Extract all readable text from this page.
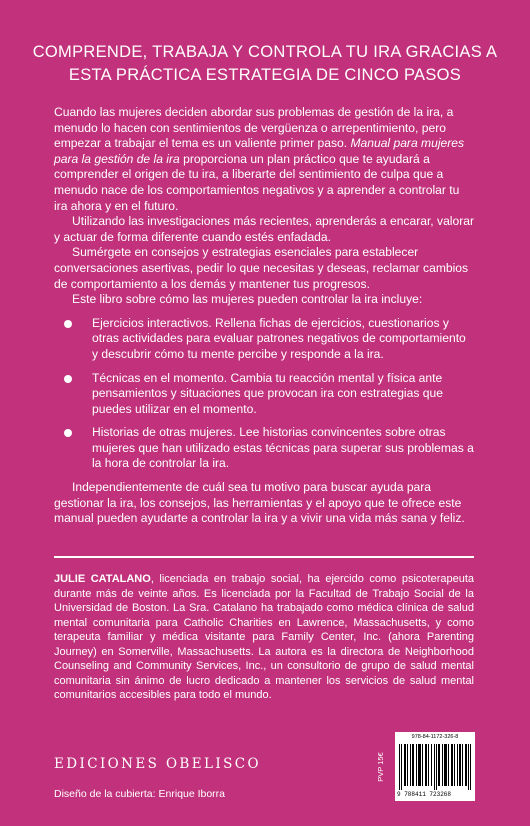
COMPRENDE, TRABAJA Y CONTROLA TU IRA GRACIAS A
ESTA PRÁCTICA ESTRATEGIA DE CINCO PASOS

Cuando las mujeres deciden abordar sus problemas de gestión de la ira, a menudo lo hacen con sentimientos de vergüenza o arrepentimiento, pero empezar a trabajar el tema es un valiente primer paso. Manual para mujeres para la gestión de la ira proporciona un plan práctico que te ayudará a comprender el origen de tu ira, a liberarte del sentimiento de culpa que a menudo nace de los comportamientos negativos y a aprender a controlar tu ira ahora y en el futuro.

Utilizando las investigaciones más recientes, aprenderás a encarar, valorar y actuar de forma diferente cuando estés enfadada.

Sumérgete en consejos y estrategias esenciales para establecer conversaciones asertivas, pedir lo que necesitas y deseas, reclamar cambios de comportamiento a los demás y mantener tus progresos.

Este libro sobre cómo las mujeres pueden controlar la ira incluye:

Ejercicios interactivos. Rellena fichas de ejercicios, cuestionarios y otras actividades para evaluar patrones negativos de comportamiento y descubrir cómo tu mente percibe y responde a la ira.
Técnicas en el momento. Cambia tu reacción mental y física ante pensamientos y situaciones que provocan ira con estrategias que puedes utilizar en el momento.
Historias de otras mujeres. Lee historias convincentes sobre otras mujeres que han utilizado estas técnicas para superar sus problemas a la hora de controlar la ira.

Independientemente de cuál sea tu motivo para buscar ayuda para gestionar la ira, los consejos, las herramientas y el apoyo que te ofrece este manual pueden ayudarte a controlar la ira y a vivir una vida más sana y feliz.

JULIE CATALANO, licenciada en trabajo social, ha ejercido como psicoterapeuta durante más de veinte años. Es licenciada por la Facultad de Trabajo Social de la Universidad de Boston. La Sra. Catalano ha trabajado como médica clínica de salud mental comunitaria para Catholic Charities en Lawrence, Massachusetts, y como terapeuta familiar y médica visitante para Family Center, Inc. (ahora Parenting Journey) en Somerville, Massachusetts. La autora es la directora de Neighborhood Counseling and Community Services, Inc., un consultorio de grupo de salud mental comunitaria sin ánimo de lucro dedicado a mantener los servicios de salud mental comunitarios accesibles para todo el mundo.
EDICIONES OBELISCO
Diseño de la cubierta: Enrique Iborra
PVP 15€
978-84-1172-326-8
9 788411 723268
